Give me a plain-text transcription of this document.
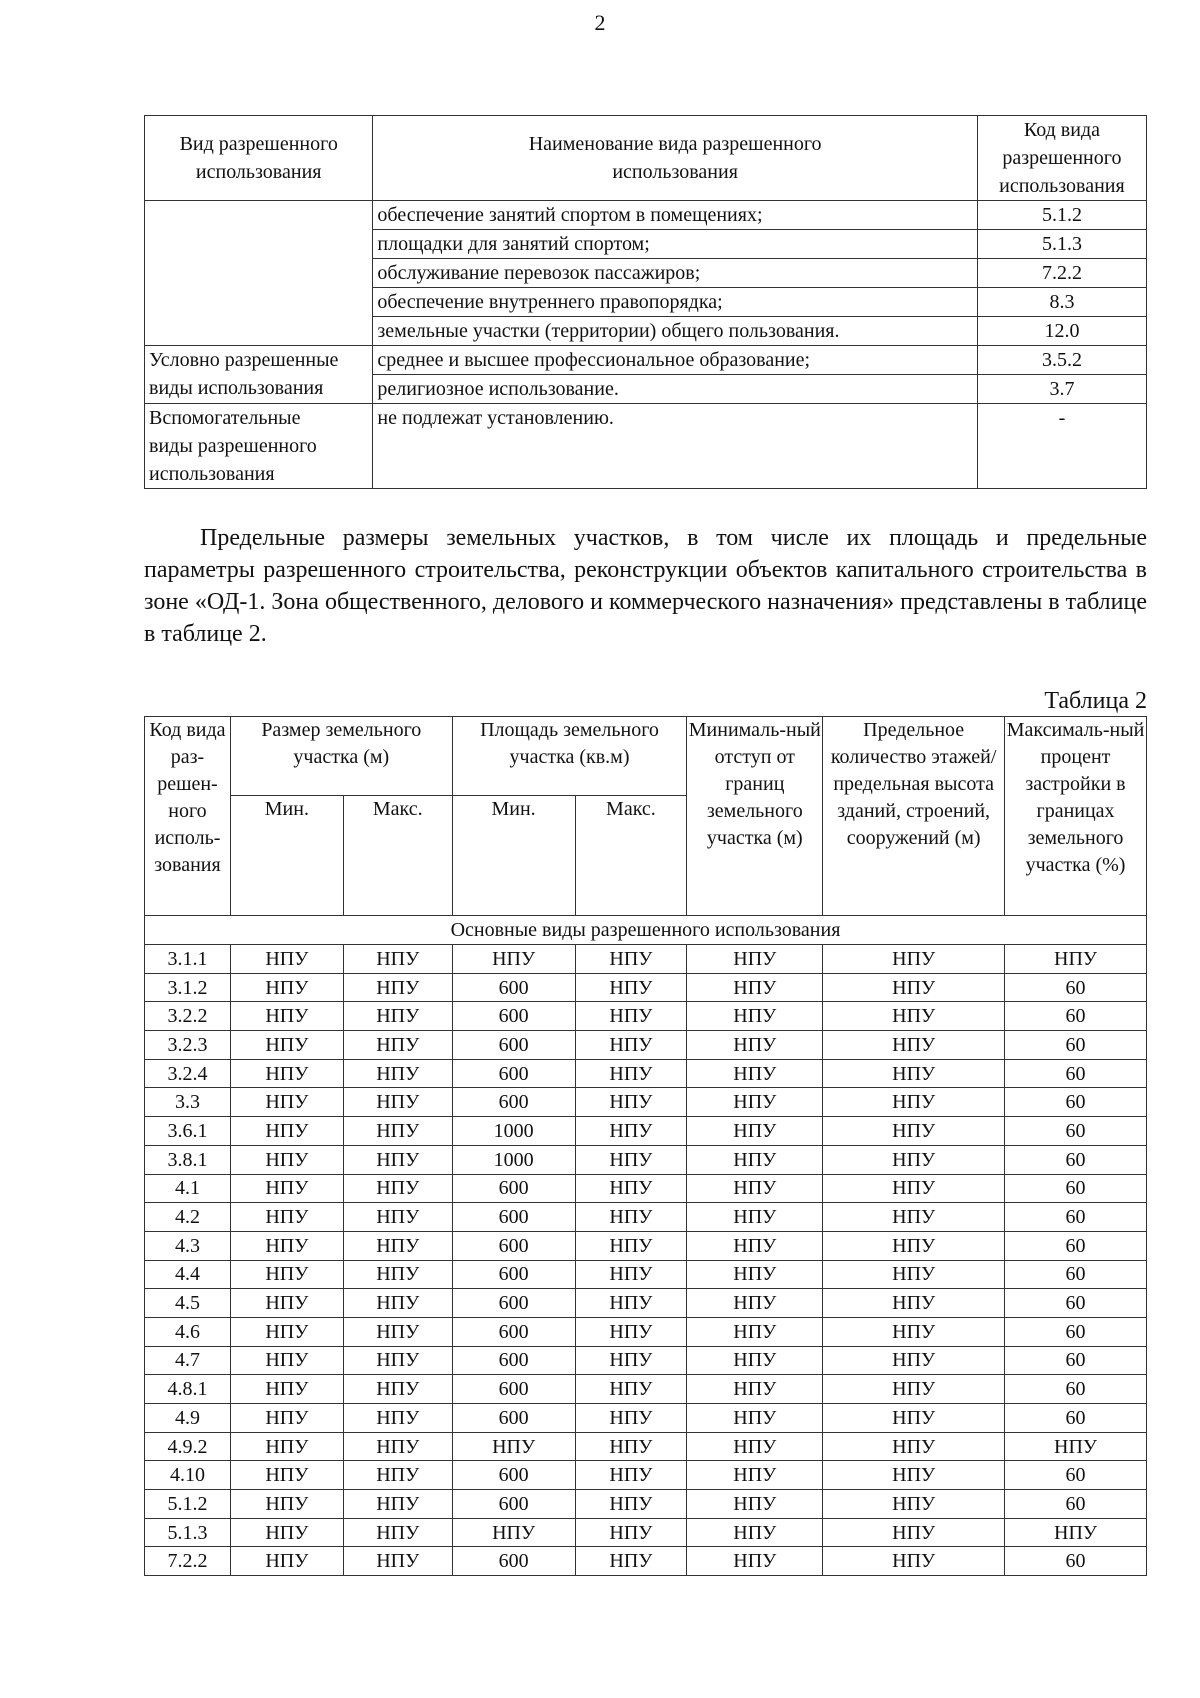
2
Вид разрешенного использования	Наименование вида разрешенного использования	Код вида разрешенного использования
	обеспечение занятий спортом в помещениях;	5.1.2
	площадки для занятий спортом;	5.1.3
	обслуживание перевозок пассажиров;	7.2.2
	обеспечение внутреннего правопорядка;	8.3
	земельные участки (территории) общего пользования.	12.0
Условно разрешенные виды использования	среднее и высшее профессиональное образование;	3.5.2
	религиозное использование.	3.7
Вспомогательные виды разрешенного использования	не подлежат установлению.	-

Предельные размеры земельных участков, в том числе их площадь и предельные параметры разрешенного строительства, реконструкции объектов капитального строительства в зоне «ОД-1. Зона общественного, делового и коммерческого назначения» представлены в таблице в таблице 2.

Таблица 2
Код вида раз-решен-ного исполь-зования	Размер земельного участка (м)		Площадь земельного участка (кв.м)		Минималь-ный отступ от границ земельного участка (м)	Предельное количество этажей/ предельная высота зданий, строений, сооружений (м)	Максималь-ный процент застройки в границах земельного участка (%)
	Мин.	Макс.	Мин.	Макс.			
Основные виды разрешенного использования							
3.1.1	НПУ	НПУ	НПУ	НПУ	НПУ	НПУ	НПУ
3.1.2	НПУ	НПУ	600	НПУ	НПУ	НПУ	60
3.2.2	НПУ	НПУ	600	НПУ	НПУ	НПУ	60
3.2.3	НПУ	НПУ	600	НПУ	НПУ	НПУ	60
3.2.4	НПУ	НПУ	600	НПУ	НПУ	НПУ	60
3.3	НПУ	НПУ	600	НПУ	НПУ	НПУ	60
3.6.1	НПУ	НПУ	1000	НПУ	НПУ	НПУ	60
3.8.1	НПУ	НПУ	1000	НПУ	НПУ	НПУ	60
4.1	НПУ	НПУ	600	НПУ	НПУ	НПУ	60
4.2	НПУ	НПУ	600	НПУ	НПУ	НПУ	60
4.3	НПУ	НПУ	600	НПУ	НПУ	НПУ	60
4.4	НПУ	НПУ	600	НПУ	НПУ	НПУ	60
4.5	НПУ	НПУ	600	НПУ	НПУ	НПУ	60
4.6	НПУ	НПУ	600	НПУ	НПУ	НПУ	60
4.7	НПУ	НПУ	600	НПУ	НПУ	НПУ	60
4.8.1	НПУ	НПУ	600	НПУ	НПУ	НПУ	60
4.9	НПУ	НПУ	600	НПУ	НПУ	НПУ	60
4.9.2	НПУ	НПУ	НПУ	НПУ	НПУ	НПУ	НПУ
4.10	НПУ	НПУ	600	НПУ	НПУ	НПУ	60
5.1.2	НПУ	НПУ	600	НПУ	НПУ	НПУ	60
5.1.3	НПУ	НПУ	НПУ	НПУ	НПУ	НПУ	НПУ
7.2.2	НПУ	НПУ	600	НПУ	НПУ	НПУ	60
